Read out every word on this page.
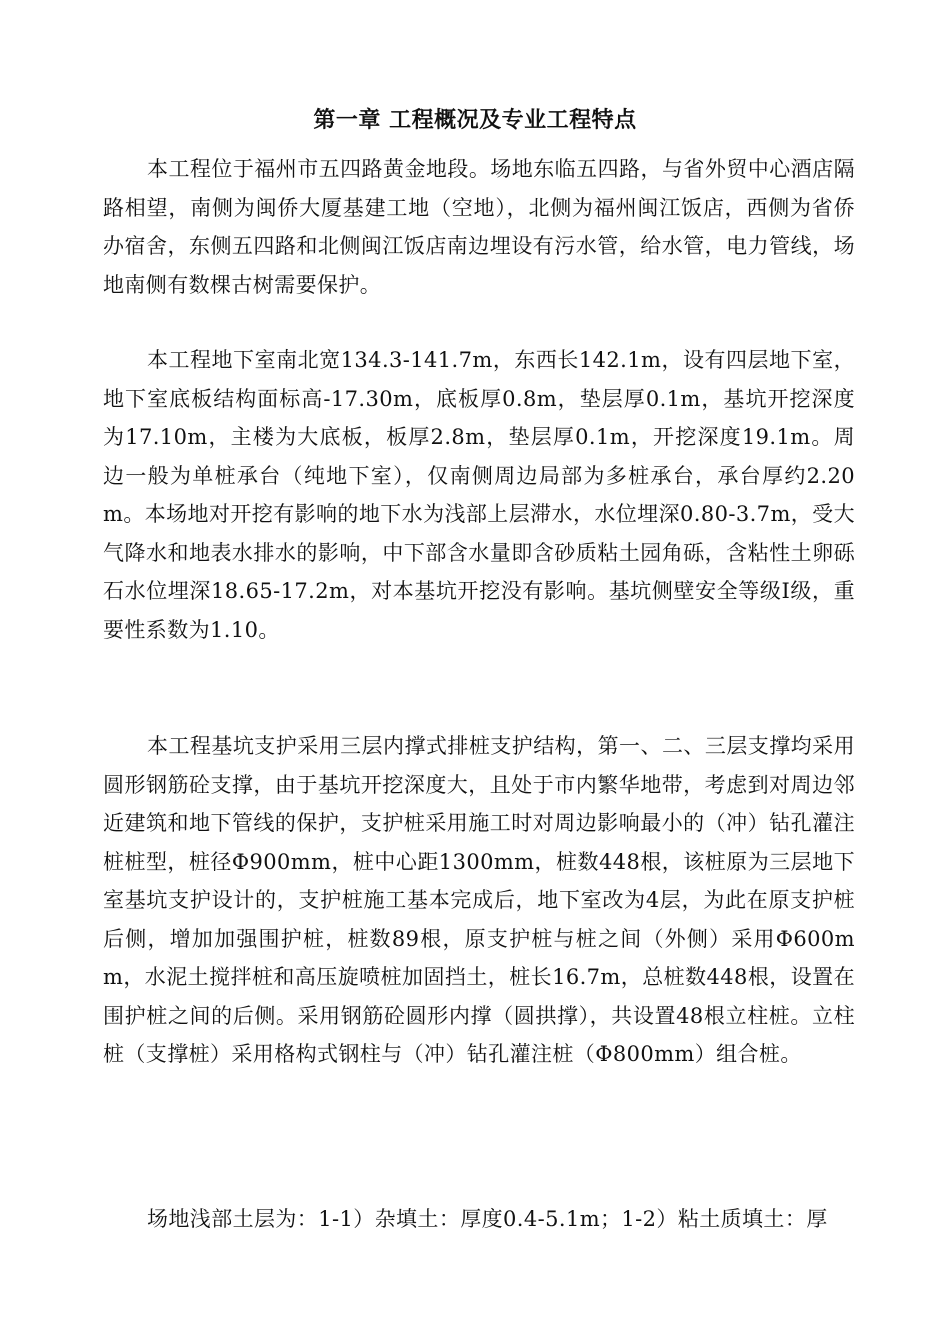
第一章 工程概况及专业工程特点

本工程位于福州市五四路黄金地段。场地东临五四路，与省外贸中心酒店隔路相望，南侧为闽侨大厦基建工地（空地），北侧为福州闽江饭店，西侧为省侨办宿舍，东侧五四路和北侧闽江饭店南边埋设有污水管，给水管，电力管线，场地南侧有数棵古树需要保护。

本工程地下室南北宽134.3-141.7m，东西长142.1m，设有四层地下室，地下室底板结构面标高-17.30m，底板厚0.8m，垫层厚0.1m，基坑开挖深度为17.10m，主楼为大底板，板厚2.8m，垫层厚0.1m，开挖深度19.1m。周边一般为单桩承台（纯地下室），仅南侧周边局部为多桩承台，承台厚约2.20m。本场地对开挖有影响的地下水为浅部上层滞水，水位埋深0.80-3.7m，受大气降水和地表水排水的影响，中下部含水量即含砂质粘土园角砾，含粘性土卵砾石水位埋深18.65-17.2m，对本基坑开挖没有影响。基坑侧壁安全等级Ⅰ级，重要性系数为1.10。

本工程基坑支护采用三层内撑式排桩支护结构，第一、二、三层支撑均采用圆形钢筋砼支撑，由于基坑开挖深度大，且处于市内繁华地带，考虑到对周边邻近建筑和地下管线的保护，支护桩采用施工时对周边影响最小的（冲）钻孔灌注桩桩型，桩径Φ900mm，桩中心距1300mm，桩数448根，该桩原为三层地下室基坑支护设计的，支护桩施工基本完成后，地下室改为4层，为此在原支护桩后侧，增加加强围护桩，桩数89根，原支护桩与桩之间（外侧）采用Φ600mm，水泥土搅拌桩和高压旋喷桩加固挡土，桩长16.7m，总桩数448根，设置在围护桩之间的后侧。采用钢筋砼圆形内撑（圆拱撑），共设置48根立柱桩。立柱桩（支撑桩）采用格构式钢柱与（冲）钻孔灌注桩（Φ800mm）组合桩。

场地浅部土层为：1-1）杂填土：厚度0.4-5.1m；1-2）粘土质填土：厚
